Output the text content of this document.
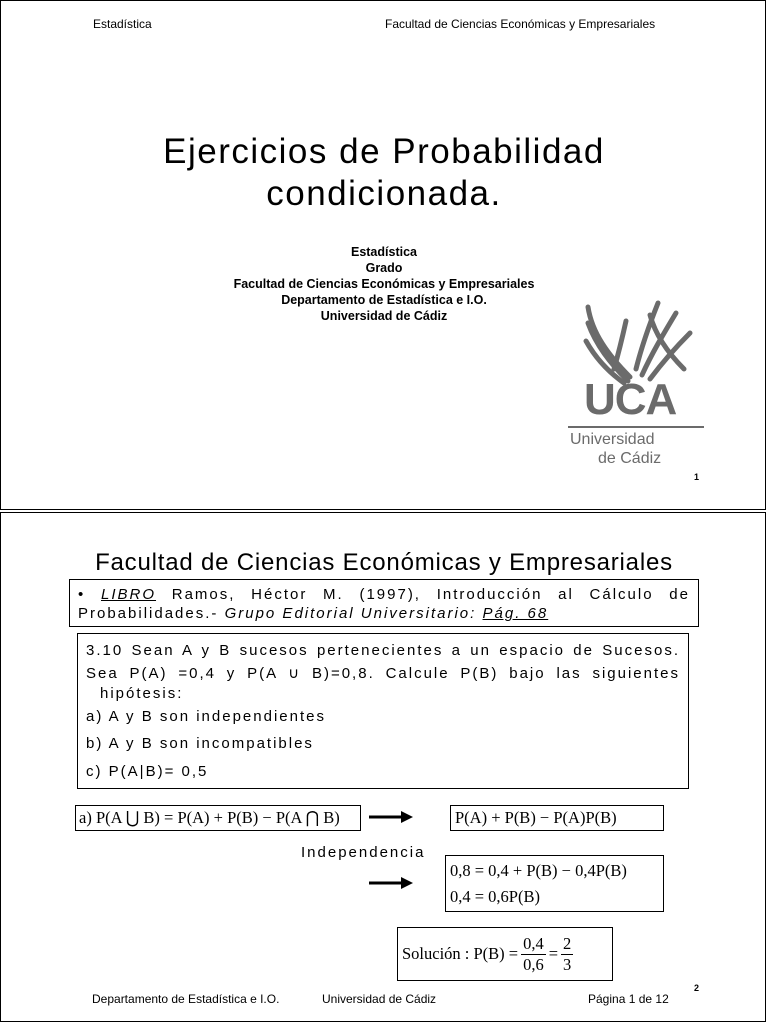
Estadística	Facultad de Ciencias Económicas y Empresariales
Ejercicios de Probabilidad
condicionada.
Estadística
Grado
Facultad de Ciencias Económicas y Empresariales
Departamento de Estadística e I.O.
Universidad de Cádiz
UCA
Universidad
de Cádiz
1
Facultad de Ciencias Económicas y Empresariales
• LIBRO Ramos, Héctor M. (1997), Introducción al Cálculo de
Probabilidades.- Grupo Editorial Universitario: Pág. 68
3.10 Sean A y B sucesos pertenecientes a un espacio de Sucesos.
Sea P(A) =0,4 y P(A ∪ B)=0,8. Calcule P(B) bajo las siguientes
hipótesis:
a) A y B son independientes
b) A y B son incompatibles
c) P(A|B)= 0,5
a) P(A ⋃ B) = P(A) + P(B) − P(A ⋂ B)	P(A) + P(B) − P(A)P(B)
Independencia
0,8 = 0,4 + P(B) − 0,4P(B)
0,4 = 0,6P(B)
Solución : $P(B) = \frac{0,4}{0,6} = \frac{2}{3}$
2
Departamento de Estadística e I.O.	Universidad de Cádiz	Página 1 de 12
